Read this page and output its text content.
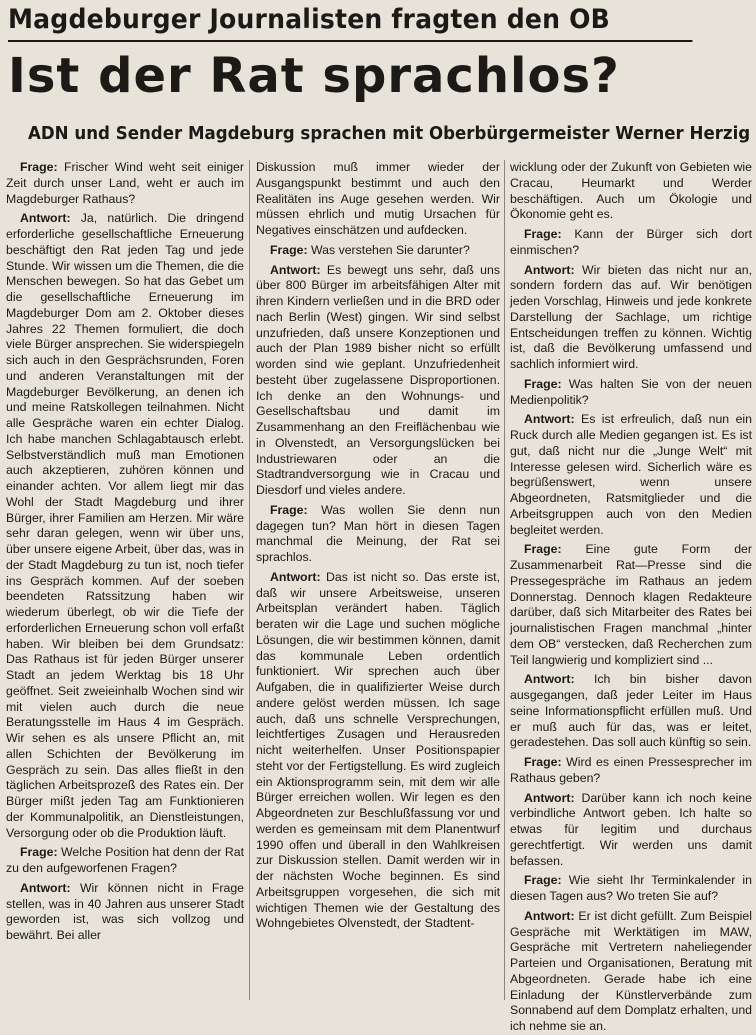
Magdeburger Journalisten fragten den OB
Ist der Rat sprachlos?
ADN und Sender Magdeburg sprachen mit Oberbürgermeister Werner Herzig

Frage: Frischer Wind weht seit einiger Zeit durch unser Land, weht er auch im Magdeburger Rathaus?

Antwort: Ja, natürlich. Die dringend erforderliche gesellschaftliche Erneuerung beschäftigt den Rat jeden Tag und jede Stunde. Wir wissen um die Themen, die die Menschen bewegen. So hat das Gebet um die gesellschaftliche Erneuerung im Magdeburger Dom am 2. Oktober dieses Jahres 22 Themen formuliert, die doch viele Bürger ansprechen. Sie widerspiegeln sich auch in den Gesprächsrunden, Foren und anderen Veranstaltungen mit der Magdeburger Bevölkerung, an denen ich und meine Ratskollegen teilnahmen. Nicht alle Gespräche waren ein echter Dialog. Ich habe manchen Schlagabtausch erlebt. Selbstverständlich muß man Emotionen auch akzeptieren, zuhören können und einander achten. Vor allem liegt mir das Wohl der Stadt Magdeburg und ihrer Bürger, ihrer Familien am Herzen. Mir wäre sehr daran gelegen, wenn wir über uns, über unsere eigene Arbeit, über das, was in der Stadt Magdeburg zu tun ist, noch tiefer ins Gespräch kommen. Auf der soeben beendeten Ratssitzung haben wir wiederum überlegt, ob wir die Tiefe der erforderlichen Erneuerung schon voll erfaßt haben. Wir bleiben bei dem Grundsatz: Das Rathaus ist für jeden Bürger unserer Stadt an jedem Werktag bis 18 Uhr geöffnet. Seit zweieinhalb Wochen sind wir mit vielen auch durch die neue Beratungsstelle im Haus 4 im Gespräch. Wir sehen es als unsere Pflicht an, mit allen Schichten der Bevölkerung im Gespräch zu sein. Das alles fließt in den täglichen Arbeitsprozeß des Rates ein. Der Bürger mißt jeden Tag am Funktionieren der Kommunalpolitik, an Dienstleistungen, Versorgung oder ob die Produktion läuft.

Frage: Welche Position hat denn der Rat zu den aufgeworfenen Fragen?

Antwort: Wir können nicht in Frage stellen, was in 40 Jahren aus unserer Stadt geworden ist, was sich vollzog und bewährt. Bei aller

Diskussion muß immer wieder der Ausgangspunkt bestimmt und auch den Realitäten ins Auge gesehen werden. Wir müssen ehrlich und mutig Ursachen für Negatives einschätzen und aufdecken.

Frage: Was verstehen Sie darunter?

Antwort: Es bewegt uns sehr, daß uns über 800 Bürger im arbeitsfähigen Alter mit ihren Kindern verließen und in die BRD oder nach Berlin (West) gingen. Wir sind selbst unzufrieden, daß unsere Konzeptionen und auch der Plan 1989 bisher nicht so erfüllt worden sind wie geplant. Unzufriedenheit besteht über zugelassene Disproportionen. Ich denke an den Wohnungs- und Gesellschaftsbau und damit im Zusammenhang an den Freiflächenbau wie in Olvenstedt, an Versorgungslücken bei Industriewaren oder an die Stadtrandversorgung wie in Cracau und Diesdorf und vieles andere.

Frage: Was wollen Sie denn nun dagegen tun? Man hört in diesen Tagen manchmal die Meinung, der Rat sei sprachlos.

Antwort: Das ist nicht so. Das erste ist, daß wir unsere Arbeitsweise, unseren Arbeitsplan verändert haben. Täglich beraten wir die Lage und suchen mögliche Lösungen, die wir bestimmen können, damit das kommunale Leben ordentlich funktioniert. Wir sprechen auch über Aufgaben, die in qualifizierter Weise durch andere gelöst werden müssen. Ich sage auch, daß uns schnelle Versprechungen, leichtfertiges Zusagen und Herausreden nicht weiterhelfen. Unser Positionspapier steht vor der Fertigstellung. Es wird zugleich ein Aktionsprogramm sein, mit dem wir alle Bürger erreichen wollen. Wir legen es den Abgeordneten zur Beschlußfassung vor und werden es gemeinsam mit dem Planentwurf 1990 offen und überall in den Wahlkreisen zur Diskussion stellen. Damit werden wir in der nächsten Woche beginnen. Es sind Arbeitsgruppen vorgesehen, die sich mit wichtigen Themen wie der Gestaltung des Wohngebietes Olvenstedt, der Stadtent-

wicklung oder der Zukunft von Gebieten wie Cracau, Heumarkt und Werder beschäftigen. Auch um Ökologie und Ökonomie geht es.

Frage: Kann der Bürger sich dort einmischen?

Antwort: Wir bieten das nicht nur an, sondern fordern das auf. Wir benötigen jeden Vorschlag, Hinweis und jede konkrete Darstellung der Sachlage, um richtige Entscheidungen treffen zu können. Wichtig ist, daß die Bevölkerung umfassend und sachlich informiert wird.

Frage: Was halten Sie von der neuen Medienpolitik?

Antwort: Es ist erfreulich, daß nun ein Ruck durch alle Medien gegangen ist. Es ist gut, daß nicht nur die „Junge Welt“ mit Interesse gelesen wird. Sicherlich wäre es begrüßenswert, wenn unsere Abgeordneten, Ratsmitglieder und die Arbeitsgruppen auch von den Medien begleitet werden.

Frage: Eine gute Form der Zusammenarbeit Rat—Presse sind die Pressegespräche im Rathaus an jedem Donnerstag. Dennoch klagen Redakteure darüber, daß sich Mitarbeiter des Rates bei journalistischen Fragen manchmal „hinter dem OB“ verstecken, daß Recherchen zum Teil langwierig und kompliziert sind ...

Antwort: Ich bin bisher davon ausgegangen, daß jeder Leiter im Haus seine Informationspflicht erfüllen muß. Und er muß auch für das, was er leitet, geradestehen. Das soll auch künftig so sein.

Frage: Wird es einen Pressesprecher im Rathaus geben?

Antwort: Darüber kann ich noch keine verbindliche Antwort geben. Ich halte so etwas für legitim und durchaus gerechtfertigt. Wir werden uns damit befassen.

Frage: Wie sieht Ihr Terminkalender in diesen Tagen aus? Wo treten Sie auf?

Antwort: Er ist dicht gefüllt. Zum Beispiel Gespräche mit Werktätigen im MAW, Gespräche mit Vertretern naheliegender Parteien und Organisationen, Beratung mit Abgeordneten. Gerade habe ich eine Einladung der Künstlerverbände zum Sonnabend auf dem Domplatz erhalten, und ich nehme sie an.
